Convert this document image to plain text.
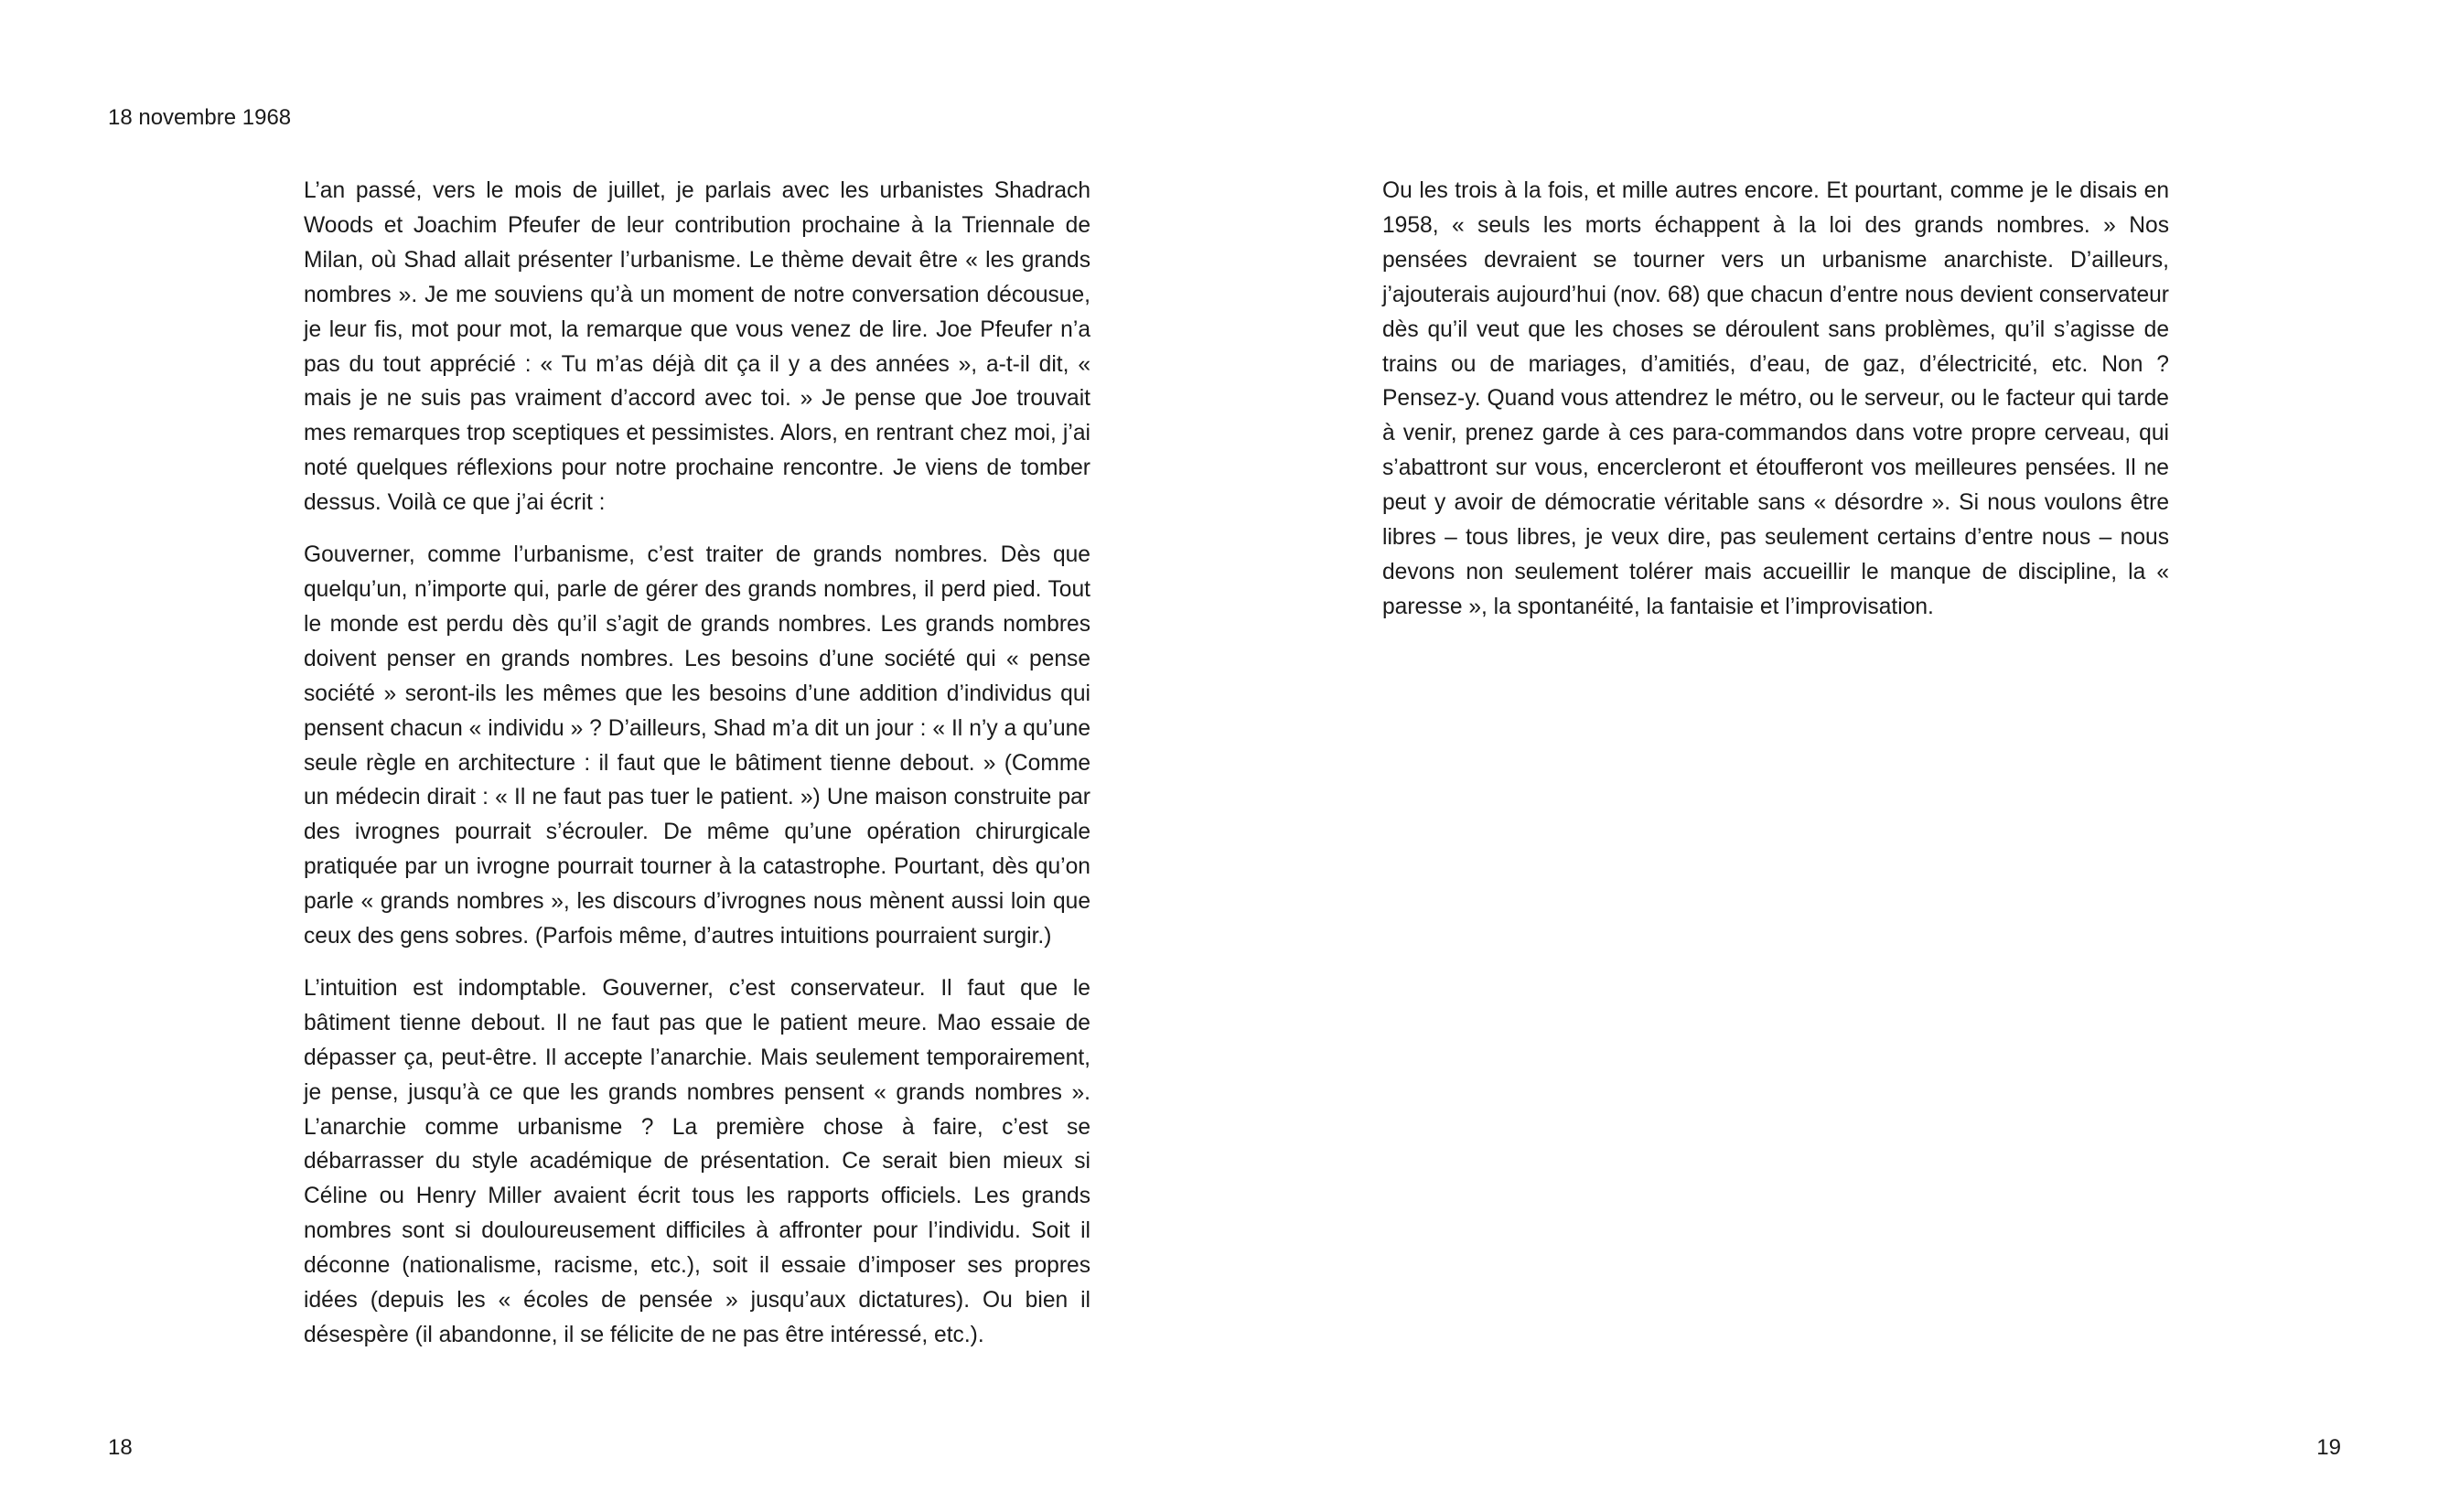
18 novembre 1968

L’an passé, vers le mois de juillet, je parlais avec les urbanistes Shadrach Woods et Joachim Pfeufer de leur contribution prochaine à la Triennale de Milan, où Shad allait présenter l’urbanisme. Le thème devait être « les grands nombres ». Je me souviens qu’à un moment de notre conversation décousue, je leur fis, mot pour mot, la remarque que vous venez de lire. Joe Pfeufer n’a pas du tout apprécié : « Tu m’as déjà dit ça il y a des années », a-t-il dit, « mais je ne suis pas vraiment d’accord avec toi. » Je pense que Joe trouvait mes remarques trop sceptiques et pessimistes. Alors, en rentrant chez moi, j’ai noté quelques réflexions pour notre prochaine rencontre. Je viens de tomber dessus. Voilà ce que j’ai écrit :

Gouverner, comme l’urbanisme, c’est traiter de grands nombres. Dès que quelqu’un, n’importe qui, parle de gérer des grands nombres, il perd pied. Tout le monde est perdu dès qu’il s’agit de grands nombres. Les grands nombres doivent penser en grands nombres. Les besoins d’une société qui « pense société » seront-ils les mêmes que les besoins d’une addition d’individus qui pensent chacun « individu » ? D’ailleurs, Shad m’a dit un jour : « Il n’y a qu’une seule règle en architecture : il faut que le bâtiment tienne debout. » (Comme un médecin dirait : « Il ne faut pas tuer le patient. ») Une maison construite par des ivrognes pourrait s’écrouler. De même qu’une opération chirurgicale pratiquée par un ivrogne pourrait tourner à la catastrophe. Pourtant, dès qu’on parle « grands nombres », les discours d’ivrognes nous mènent aussi loin que ceux des gens sobres. (Parfois même, d’autres intuitions pourraient surgir.)

L’intuition est indomptable. Gouverner, c’est conservateur. Il faut que le bâtiment tienne debout. Il ne faut pas que le patient meure. Mao essaie de dépasser ça, peut-être. Il accepte l’anarchie. Mais seulement temporairement, je pense, jusqu’à ce que les grands nombres pensent « grands nombres ». L’anarchie comme urbanisme ? La première chose à faire, c’est se débarrasser du style académique de présentation. Ce serait bien mieux si Céline ou Henry Miller avaient écrit tous les rapports officiels. Les grands nombres sont si douloureusement difficiles à affronter pour l’individu. Soit il déconne (nationalisme, racisme, etc.), soit il essaie d’imposer ses propres idées (depuis les « écoles de pensée » jusqu’aux dictatures). Ou bien il désespère (il abandonne, il se félicite de ne pas être intéressé, etc.).

Ou les trois à la fois, et mille autres encore. Et pourtant, comme je le disais en 1958, « seuls les morts échappent à la loi des grands nombres. » Nos pensées devraient se tourner vers un urbanisme anarchiste. D’ailleurs, j’ajouterais aujourd’hui (nov. 68) que chacun d’entre nous devient conservateur dès qu’il veut que les choses se déroulent sans problèmes, qu’il s’agisse de trains ou de mariages, d’amitiés, d’eau, de gaz, d’électricité, etc. Non ? Pensez-y. Quand vous attendrez le métro, ou le serveur, ou le facteur qui tarde à venir, prenez garde à ces para-commandos dans votre propre cerveau, qui s’abattront sur vous, encercleront et étoufferont vos meilleures pensées. Il ne peut y avoir de démocratie véritable sans « désordre ». Si nous voulons être libres – tous libres, je veux dire, pas seulement certains d’entre nous – nous devons non seulement tolérer mais accueillir le manque de discipline, la « paresse », la spontanéité, la fantaisie et l’improvisation.

18	19
